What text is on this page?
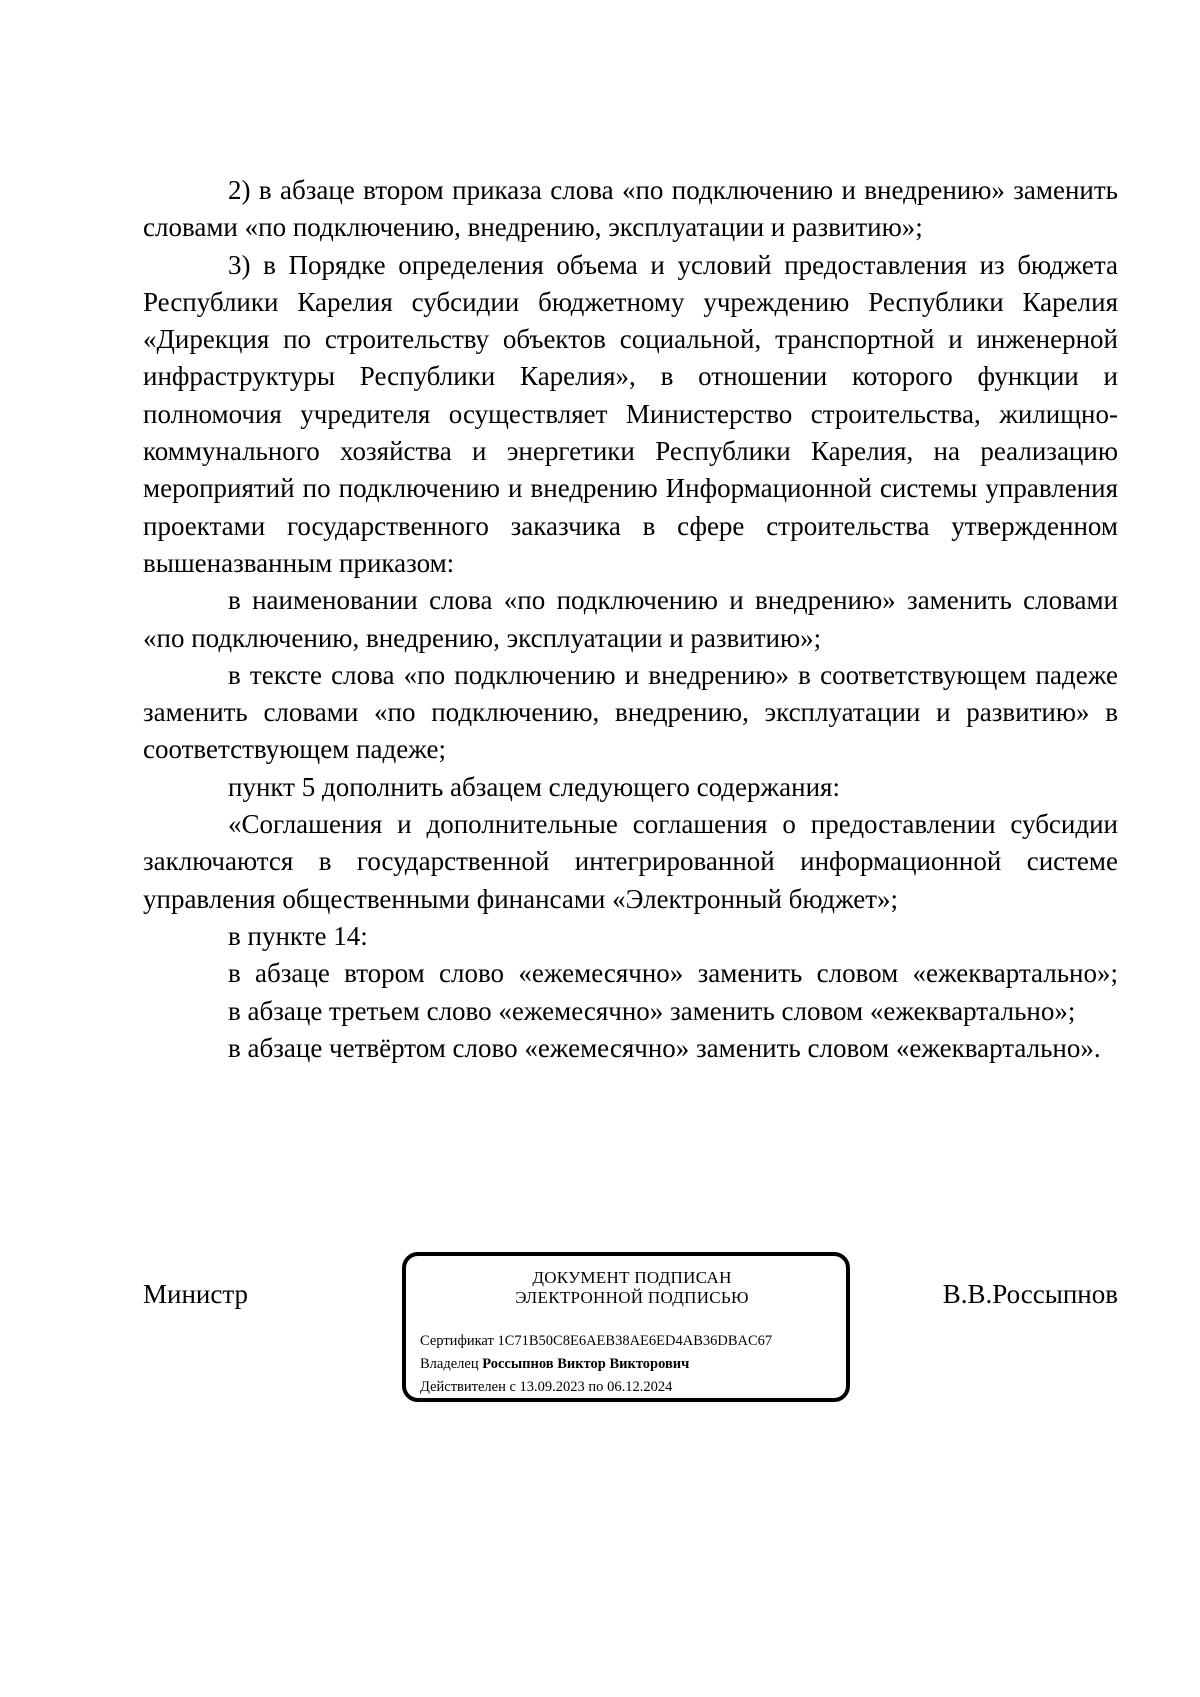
2) в абзаце втором приказа слова «по подключению и внедрению» заменить словами «по подключению, внедрению, эксплуатации и развитию»;

3) в Порядке определения объема и условий предоставления из бюджета Республики Карелия субсидии бюджетному учреждению Республики Карелия «Дирекция по строительству объектов социальной, транспортной и инженерной инфраструктуры Республики Карелия», в отношении которого функции и полномочия учредителя осуществляет Министерство строительства, жилищно-коммунального хозяйства и энергетики Республики Карелия, на реализацию мероприятий по подключению и внедрению Информационной системы управления проектами государственного заказчика в сфере строительства утвержденном вышеназванным приказом:

в наименовании слова «по подключению и внедрению» заменить словами «по подключению, внедрению, эксплуатации и развитию»;

в тексте слова «по подключению и внедрению» в соответствующем падеже заменить словами «по подключению, внедрению, эксплуатации и развитию» в соответствующем падеже;

пункт 5 дополнить абзацем следующего содержания:

«Соглашения и дополнительные соглашения о предоставлении субсидии заключаются в государственной интегрированной информационной системе управления общественными финансами «Электронный бюджет»;

в пункте 14:

в абзаце втором слово «ежемесячно» заменить словом «ежеквартально»;

в абзаце третьем слово «ежемесячно» заменить словом «ежеквартально»;

в абзаце четвёртом слово «ежемесячно» заменить словом «ежеквартально».

Министр
ДОКУМЕНТ ПОДПИСАН
ЭЛЕКТРОННОЙ ПОДПИСЬЮ
Сертификат 1C71B50C8E6AEB38AE6ED4AB36DBAC67
Владелец Россыпнов Виктор Викторович
Действителен с 13.09.2023 по 06.12.2024
В.В.Россыпнов
